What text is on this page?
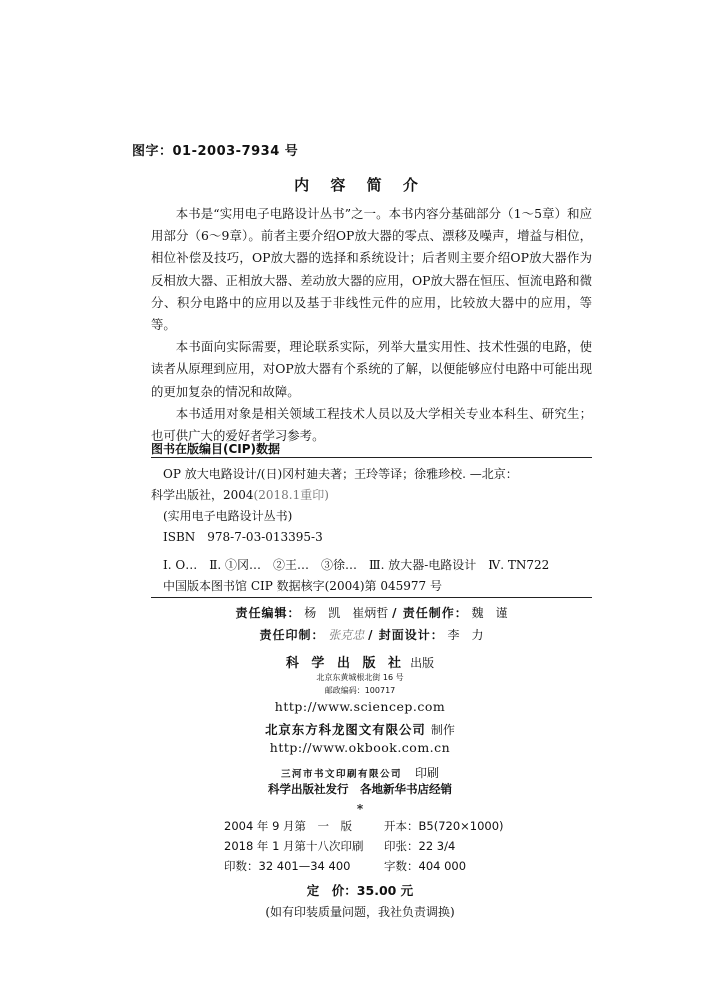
图字：01-2003-7934 号
内 容 简 介

本书是“实用电子电路设计丛书”之一。本书内容分基础部分（1～5章）和应用部分（6～9章）。前者主要介绍OP放大器的零点、漂移及噪声，增益与相位，相位补偿及技巧，OP放大器的选择和系统设计；后者则主要介绍OP放大器作为反相放大器、正相放大器、差动放大器的应用，OP放大器在恒压、恒流电路和微分、积分电路中的应用以及基于非线性元件的应用，比较放大器中的应用，等等。

本书面向实际需要，理论联系实际，列举大量实用性、技术性强的电路，使读者从原理到应用，对OP放大器有个系统的了解，以便能够应付电路中可能出现的更加复杂的情况和故障。

本书适用对象是相关领域工程技术人员以及大学相关专业本科生、研究生；也可供广大的爱好者学习参考。

图书在版编目(CIP)数据
OP 放大电路设计/(日)冈村廸夫著；王玲等译；徐雅珍校. —北京：
科学出版社，2004(2018.1重印)
(实用电子电路设计丛书)
ISBN　978-7-03-013395-3
Ⅰ. O…　Ⅱ. ①冈…　②王…　③徐…　Ⅲ. 放大器-电路设计　Ⅳ. TN722
中国版本图书馆 CIP 数据核字(2004)第 045977 号
责任编辑： 杨　凯　崔炳哲 / 责任制作： 魏　谨
责任印制： 张克忠 / 封面设计： 李　力
科 学 出 版 社 出版
北京东黄城根北街 16 号
邮政编码：100717
http://www.sciencep.com
北京东方科龙图文有限公司 制作
http://www.okbook.com.cn
三河市书文印刷有限公司 印刷
科学出版社发行　各地新华书店经销
*
2004 年 9 月第　一　版	开本：B5(720×1000)
2018 年 1 月第十八次印刷	印张：22 3/4
印数：32 401—34 400	字数：404 000
定　价：35.00 元
(如有印装质量问题，我社负责调换)
